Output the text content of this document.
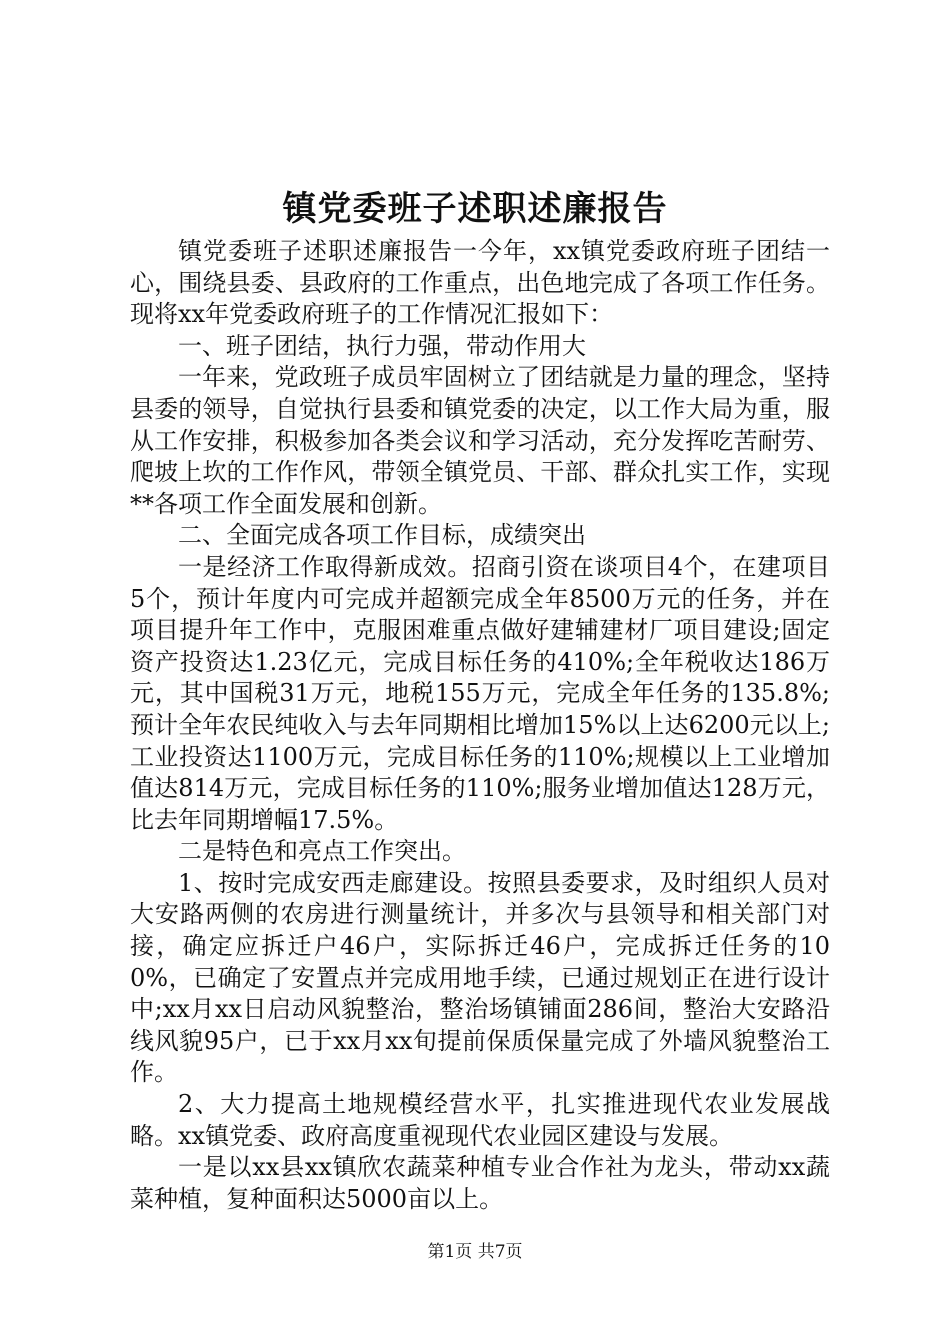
镇党委班子述职述廉报告

镇党委班子述职述廉报告一今年，xx镇党委政府班子团结一心，围绕县委、县政府的工作重点，出色地完成了各项工作任务。现将xx年党委政府班子的工作情况汇报如下：

一、班子团结，执行力强，带动作用大

一年来，党政班子成员牢固树立了团结就是力量的理念，坚持县委的领导，自觉执行县委和镇党委的决定，以工作大局为重，服从工作安排，积极参加各类会议和学习活动，充分发挥吃苦耐劳、爬坡上坎的工作作风，带领全镇党员、干部、群众扎实工作，实现**各项工作全面发展和创新。

二、全面完成各项工作目标，成绩突出

一是经济工作取得新成效。招商引资在谈项目4个，在建项目5个，预计年度内可完成并超额完成全年8500万元的任务，并在项目提升年工作中，克服困难重点做好建辅建材厂项目建设;固定资产投资达1.23亿元，完成目标任务的410%;全年税收达186万元，其中国税31万元，地税155万元，完成全年任务的135.8%;预计全年农民纯收入与去年同期相比增加15%以上达6200元以上;工业投资达1100万元，完成目标任务的110%;规模以上工业增加值达814万元，完成目标任务的110%;服务业增加值达128万元，比去年同期增幅17.5%。

二是特色和亮点工作突出。

1、按时完成安西走廊建设。按照县委要求，及时组织人员对大安路两侧的农房进行测量统计，并多次与县领导和相关部门对接，确定应拆迁户46户，实际拆迁46户，完成拆迁任务的100%，已确定了安置点并完成用地手续，已通过规划正在进行设计中;xx月xx日启动风貌整治，整治场镇铺面286间，整治大安路沿线风貌95户，已于xx月xx旬提前保质保量完成了外墙风貌整治工作。

2、大力提高土地规模经营水平，扎实推进现代农业发展战略。xx镇党委、政府高度重视现代农业园区建设与发展。

一是以xx县xx镇欣农蔬菜种植专业合作社为龙头，带动xx蔬菜种植，复种面积达5000亩以上。

第1页 共7页
